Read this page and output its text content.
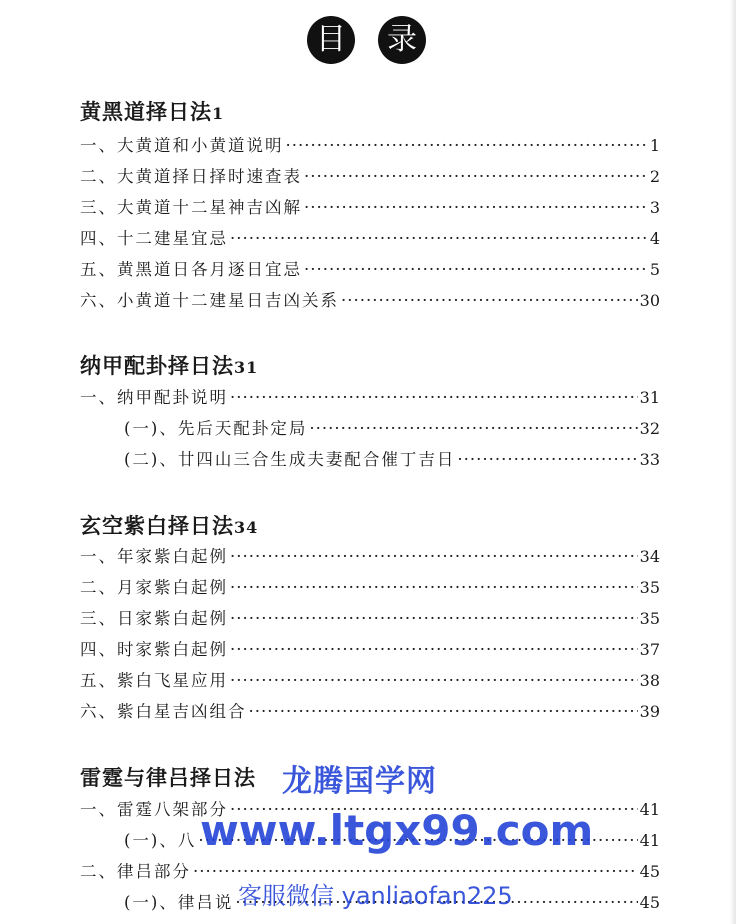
目	录
黄黑道择日法1
一、大黄道和小黄道说明 ·····	1
二、大黄道择日择时速查表 ·····	2
三、大黄道十二星神吉凶解 ·····	3
四、十二建星宜忌 ·····	4
五、黄黑道日各月逐日宜忌 ·····	5
六、小黄道十二建星日吉凶关系 ·····	30
纳甲配卦择日法31
一、纳甲配卦说明 ·····	31
(一)、先后天配卦定局 ·····	32
(二)、廿四山三合生成夫妻配合催丁吉日 ·····	33
玄空紫白择日法34
一、年家紫白起例 ·····	34
二、月家紫白起例 ·····	35
三、日家紫白起例 ·····	35
四、时家紫白起例 ·····	37
五、紫白飞星应用 ·····	38
六、紫白星吉凶组合 ·····	39
雷霆与律吕择日法
一、雷霆八架部分 ·····	41
(一)、八 ·····	41
二、律吕部分 ·····	45
(一)、律吕说 ·····	45
龙腾国学网
www.ltgx99.com
客服微信 yanliaofan225
